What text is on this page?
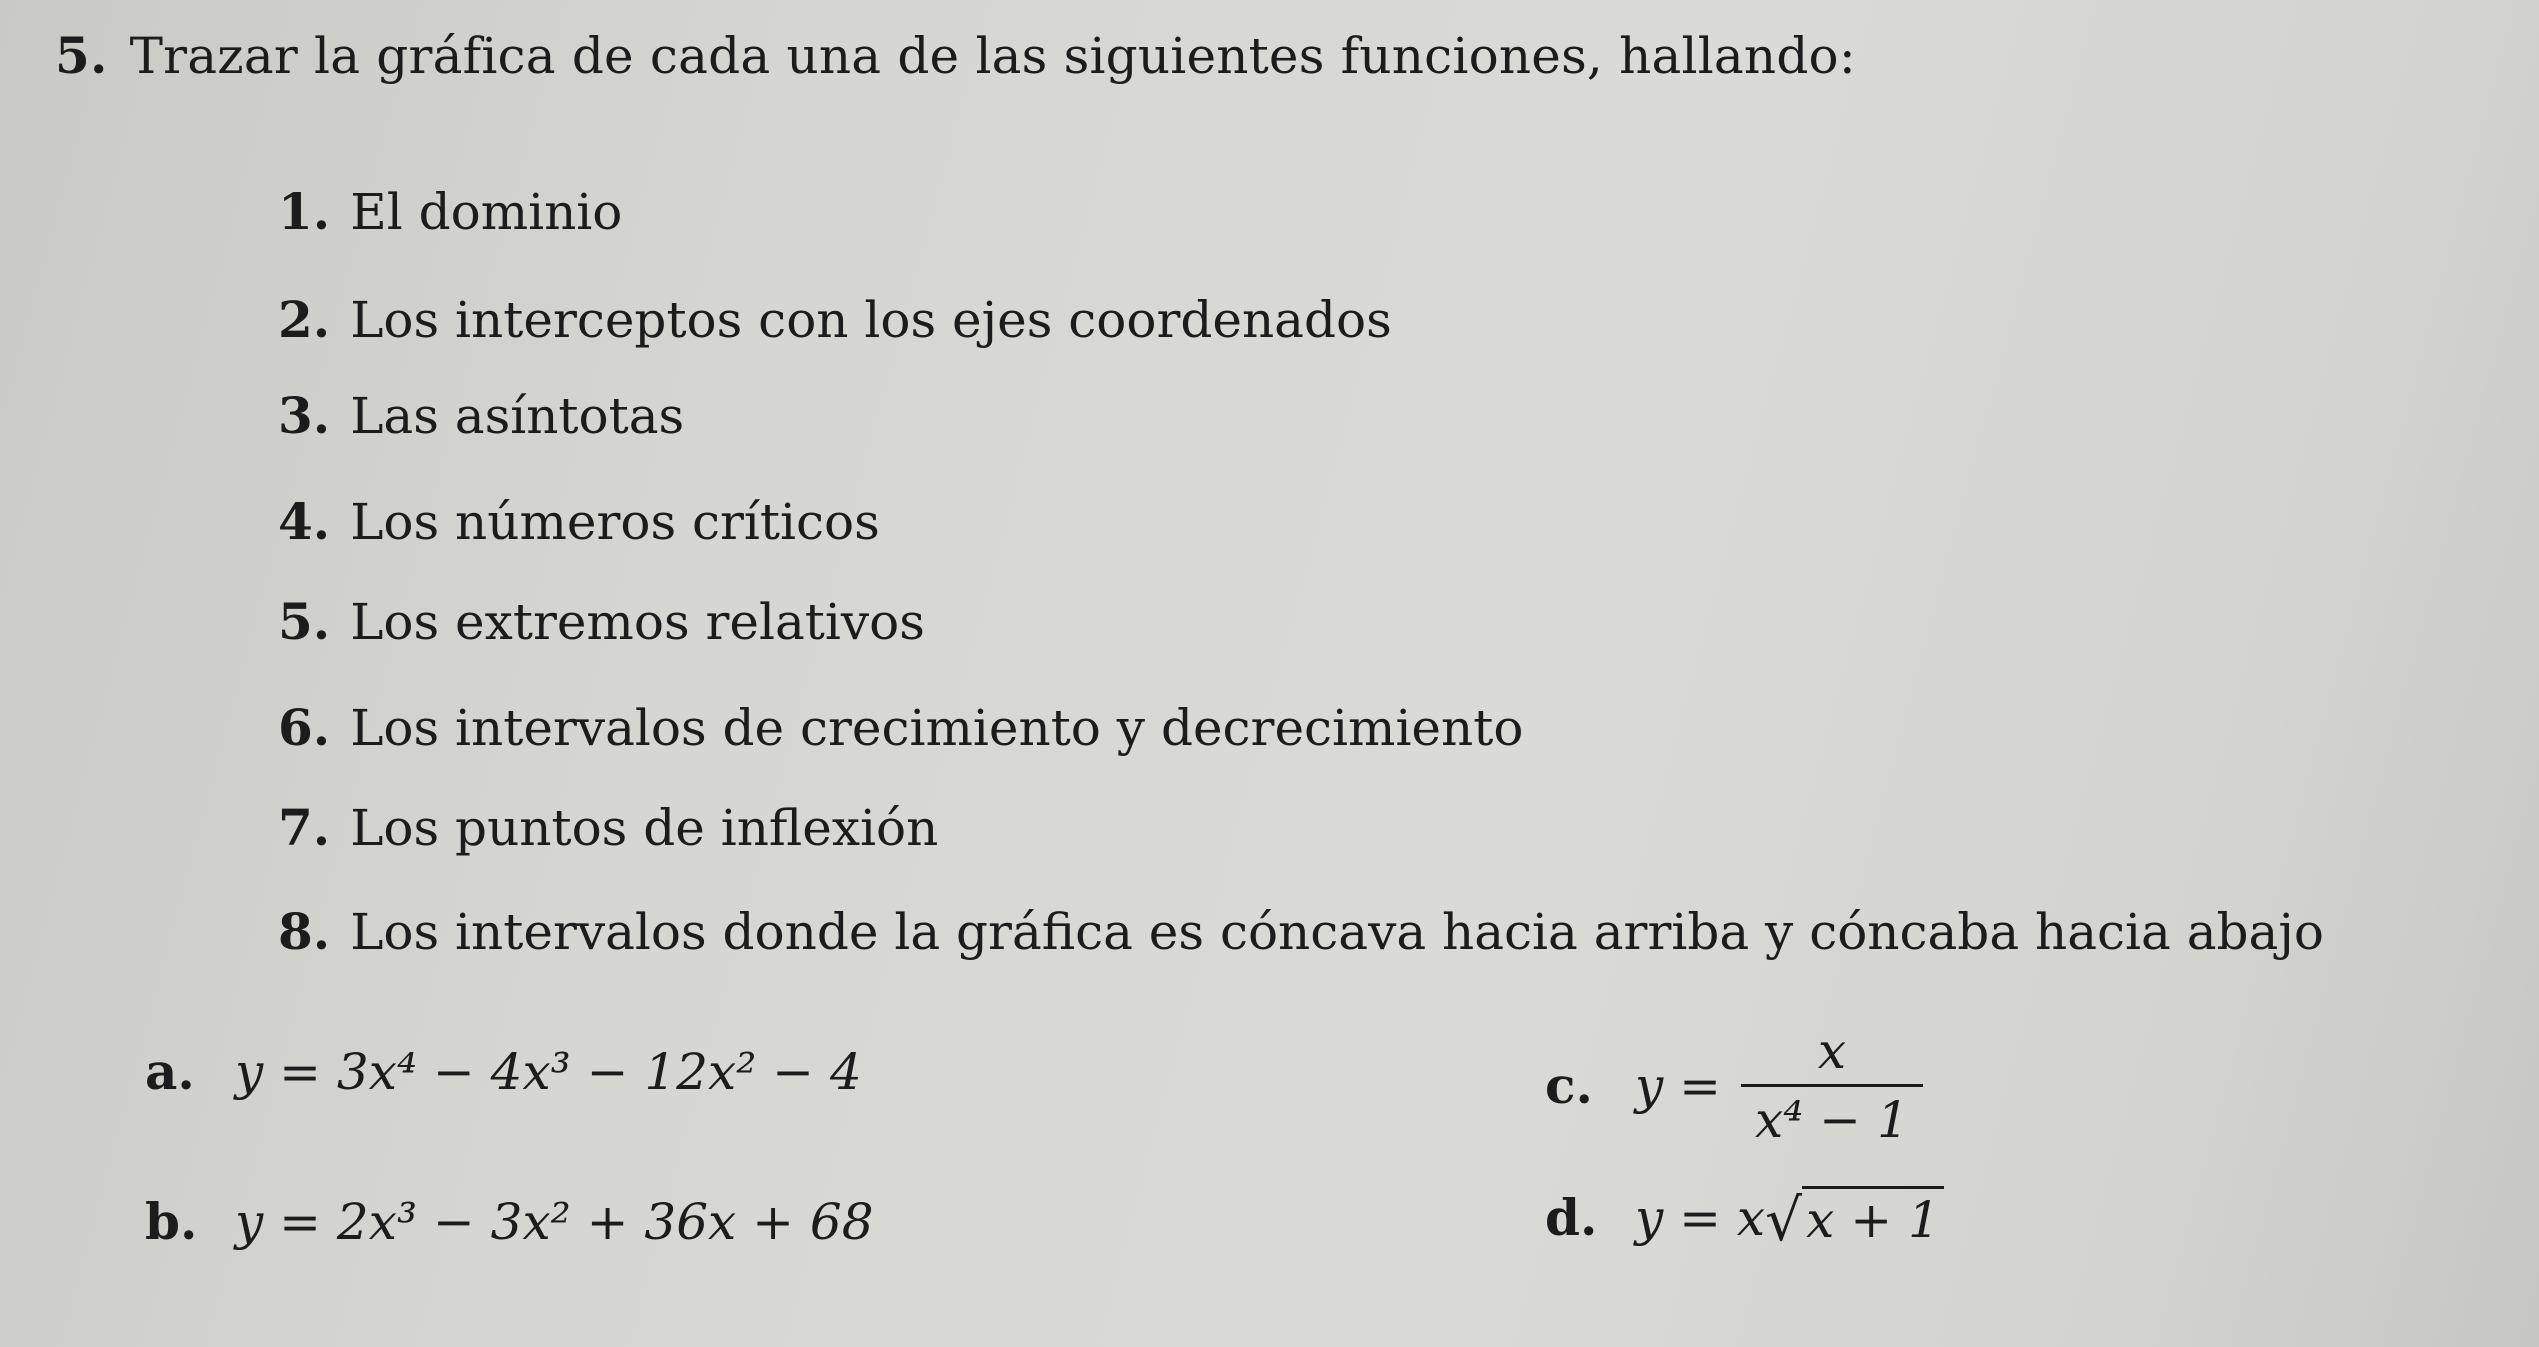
5. Trazar la gráfica de cada una de las siguientes funciones, hallando:
1. El dominio
2. Los interceptos con los ejes coordenados
3. Las asíntotas
4. Los números críticos
5. Los extremos relativos
6. Los intervalos de crecimiento y decrecimiento
7. Los puntos de inflexión
8. Los intervalos donde la gráfica es cóncava hacia arriba y cóncaba hacia abajo
a. y = 3x⁴ − 4x³ − 12x² − 4
b. y = 2x³ − 3x² + 36x + 68
c. $y = \frac{x}{\text{x⁴ − 1}}$
d. y = x √ x + 1
